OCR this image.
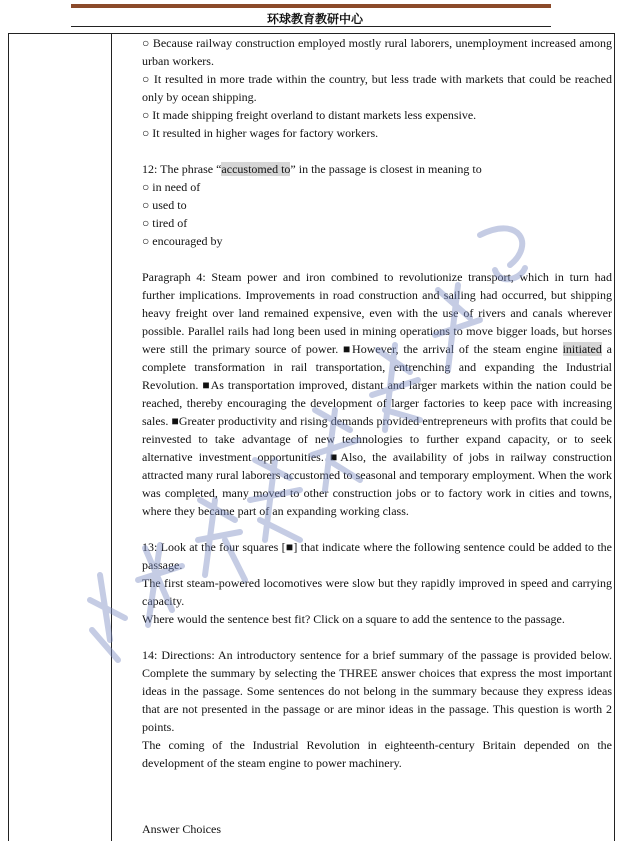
环球教育教研中心

○ Because railway construction employed mostly rural laborers, unemployment increased among urban workers.

○ It resulted in more trade within the country, but less trade with markets that could be reached only by ocean shipping.

○ It made shipping freight overland to distant markets less expensive.

○ It resulted in higher wages for factory workers.

12: The phrase “accustomed to” in the passage is closest in meaning to

○ in need of

○ used to

○ tired of

○ encouraged by

Paragraph 4: Steam power and iron combined to revolutionize transport, which in turn had further implications. Improvements in road construction and sailing had occurred, but shipping heavy freight over land remained expensive, even with the use of rivers and canals wherever possible. Parallel rails had long been used in mining operations to move bigger loads, but horses were still the primary source of power. ■However, the arrival of the steam engine initiated a complete transformation in rail transportation, entrenching and expanding the Industrial Revolution. ■As transportation improved, distant and larger markets within the nation could be reached, thereby encouraging the development of larger factories to keep pace with increasing sales. ■Greater productivity and rising demands provided entrepreneurs with profits that could be reinvested to take advantage of new technologies to further expand capacity, or to seek alternative investment opportunities. ■Also, the availability of jobs in railway construction attracted many rural laborers accustomed to seasonal and temporary employment. When the work was completed, many moved to other construction jobs or to factory work in cities and towns, where they became part of an expanding working class.

13: Look at the four squares [■] that indicate where the following sentence could be added to the passage.

The first steam-powered locomotives were slow but they rapidly improved in speed and carrying capacity.

Where would the sentence best fit? Click on a square to add the sentence to the passage.

14: Directions: An introductory sentence for a brief summary of the passage is provided below. Complete the summary by selecting the THREE answer choices that express the most important ideas in the passage. Some sentences do not belong in the summary because they express ideas that are not presented in the passage or are minor ideas in the passage. This question is worth 2 points.

The coming of the Industrial Revolution in eighteenth-century Britain depended on the development of the steam engine to power machinery.

Answer Choices
